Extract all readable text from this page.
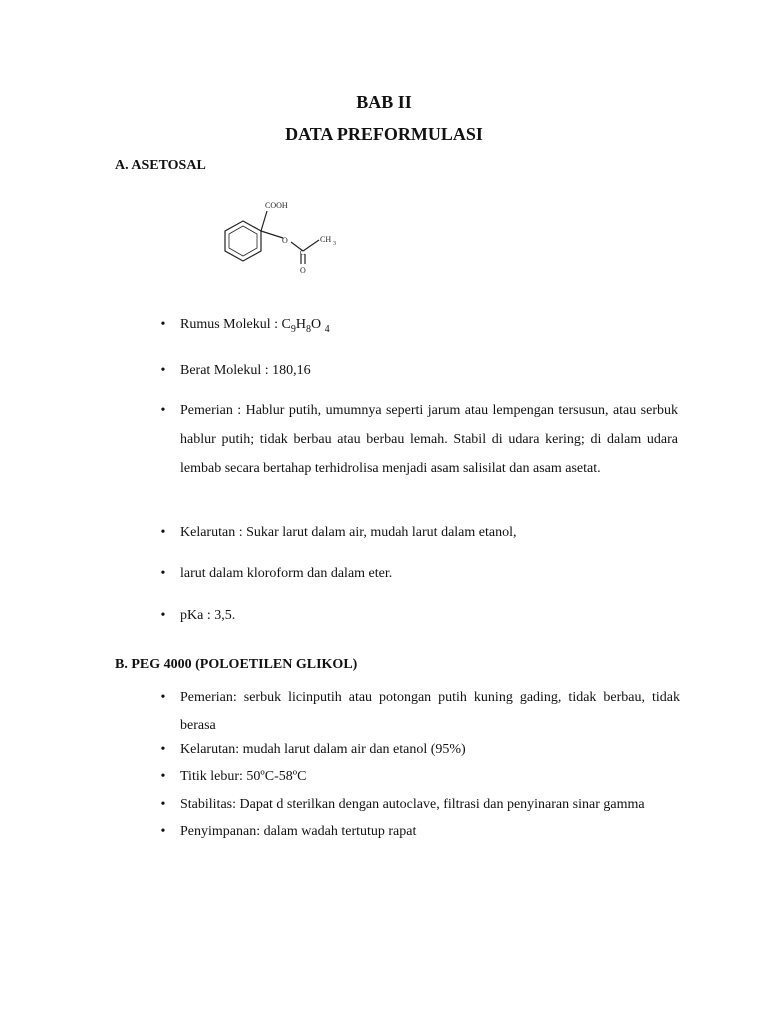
BAB II
DATA PREFORMULASI
A. ASETOSAL
COOH
O	CH 3
C
O
•	Rumus Molekul : $C_9H_8O$ $_4$
•	Berat Molekul : 180,16
•	Pemerian : Hablur putih, umumnya seperti jarum atau lempengan tersusun, atau serbuk hablur putih; tidak berbau atau berbau lemah. Stabil di udara kering; di dalam udara lembab secara bertahap terhidrolisa menjadi asam salisilat dan asam asetat.
•	Kelarutan : Sukar larut dalam air, mudah larut dalam etanol,
•	larut dalam kloroform dan dalam eter.
•	pKa : 3,5.
B. PEG 4000 (POLOETILEN GLIKOL)
•	Pemerian: serbuk licinputih atau potongan putih kuning gading, tidak berbau, tidak berasa
•	Kelarutan: mudah larut dalam air dan etanol (95%)
•	Titik lebur: 50ºC-58ºC
•	Stabilitas: Dapat d sterilkan dengan autoclave, filtrasi dan penyinaran sinar gamma
•	Penyimpanan: dalam wadah tertutup rapat
